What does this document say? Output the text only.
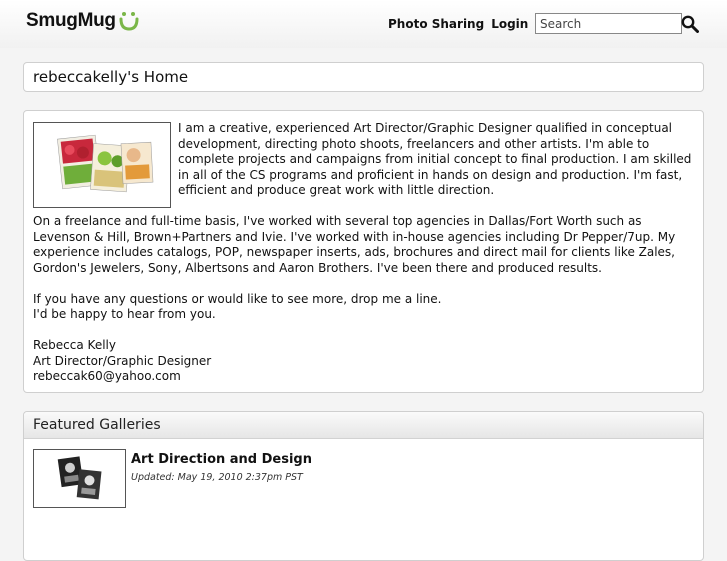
SmugMug	Photo Sharing Login
Search
rebeccakelly's Home

I am a creative, experienced Art Director/Graphic Designer qualified in conceptual development, directing photo shoots, freelancers and other artists. I'm able to complete projects and campaigns from initial concept to final production. I am skilled in all of the CS programs and proficient in hands on design and production. I'm fast, efficient and produce great work with little direction.

On a freelance and full-time basis, I've worked with several top agencies in Dallas/Fort Worth such as Levenson & Hill, Brown+Partners and Ivie. I've worked with in-house agencies including Dr Pepper/7up. My experience includes catalogs, POP, newspaper inserts, ads, brochures and direct mail for clients like Zales, Gordon's Jewelers, Sony, Albertsons and Aaron Brothers. I've been there and produced results.

If you have any questions or would like to see more, drop me a line.

I'd be happy to hear from you.

Rebecca Kelly

Art Director/Graphic Designer

rebeccak60@yahoo.com

Featured Galleries
Art Direction and Design
Updated: May 19, 2010 2:37pm PST
